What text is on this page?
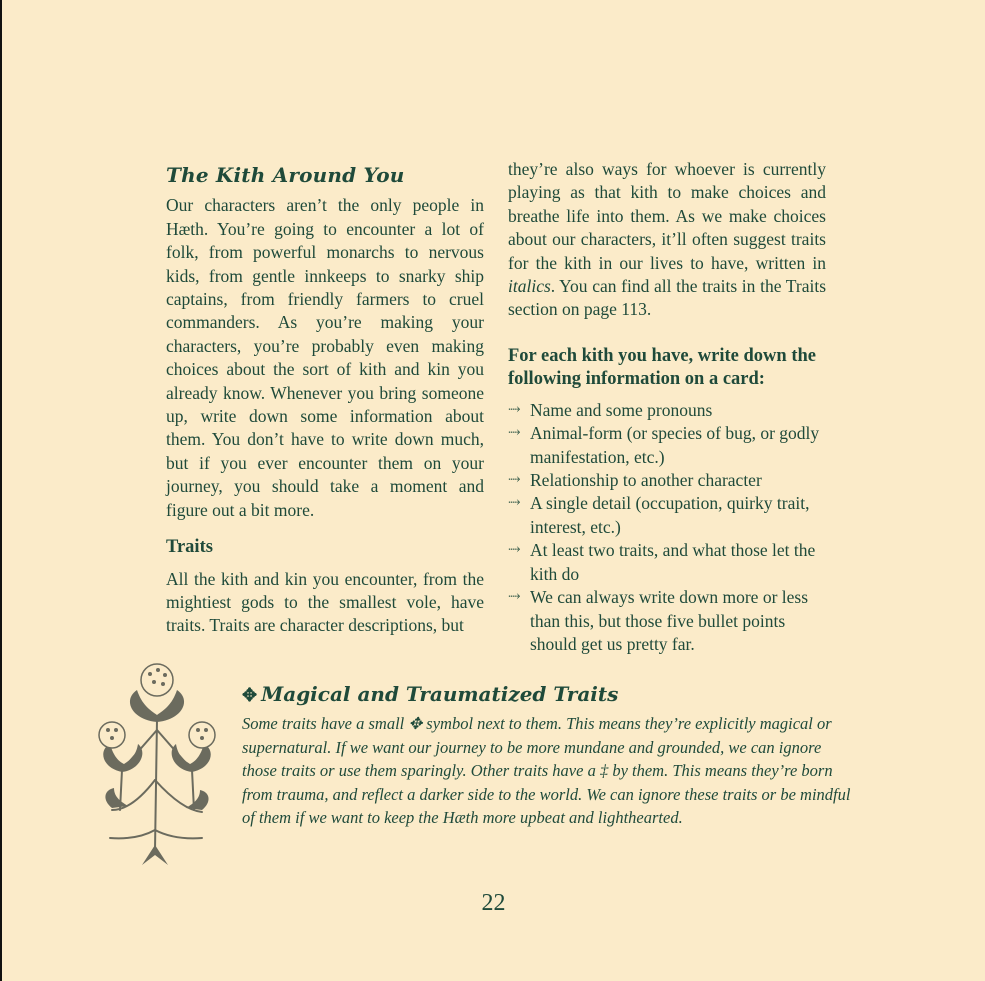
The Kith Around You

Our characters aren’t the only people in Hæth. You’re going to encounter a lot of folk, from powerful monarchs to nervous kids, from gentle innkeeps to snarky ship captains, from friendly farmers to cruel commanders. As you’re making your characters, you’re probably even making choices about the sort of kith and kin you already know. Whenever you bring someone up, write down some information about them. You don’t have to write down much, but if you ever encounter them on your journey, you should take a moment and figure out a bit more.

Traits

All the kith and kin you encounter, from the mightiest gods to the smallest vole, have traits. Traits are character descriptions, but

they’re also ways for whoever is currently playing as that kith to make choices and breathe life into them. As we make choices about our characters, it’ll often suggest traits for the kith in our lives to have, written in italics. You can find all the traits in the Traits section on page 113.

For each kith you have, write down the following information on a card:
⤑ Name and some pronouns
⤑ Animal-form (or species of bug, or godly manifestation, etc.)
⤑ Relationship to another character
⤑ A single detail (occupation, quirky trait, interest, etc.)
⤑ At least two traits, and what those let the kith do
⤑ We can always write down more or less than this, but those five bullet points should get us pretty far.
✥ Magical and Traumatized Traits

Some traits have a small ✥ symbol next to them. This means they’re explicitly magical or supernatural. If we want our journey to be more mundane and grounded, we can ignore those traits or use them sparingly. Other traits have a ‡ by them. This means they’re born from trauma, and reflect a darker side to the world. We can ignore these traits or be mindful of them if we want to keep the Hæth more upbeat and lighthearted.

22
